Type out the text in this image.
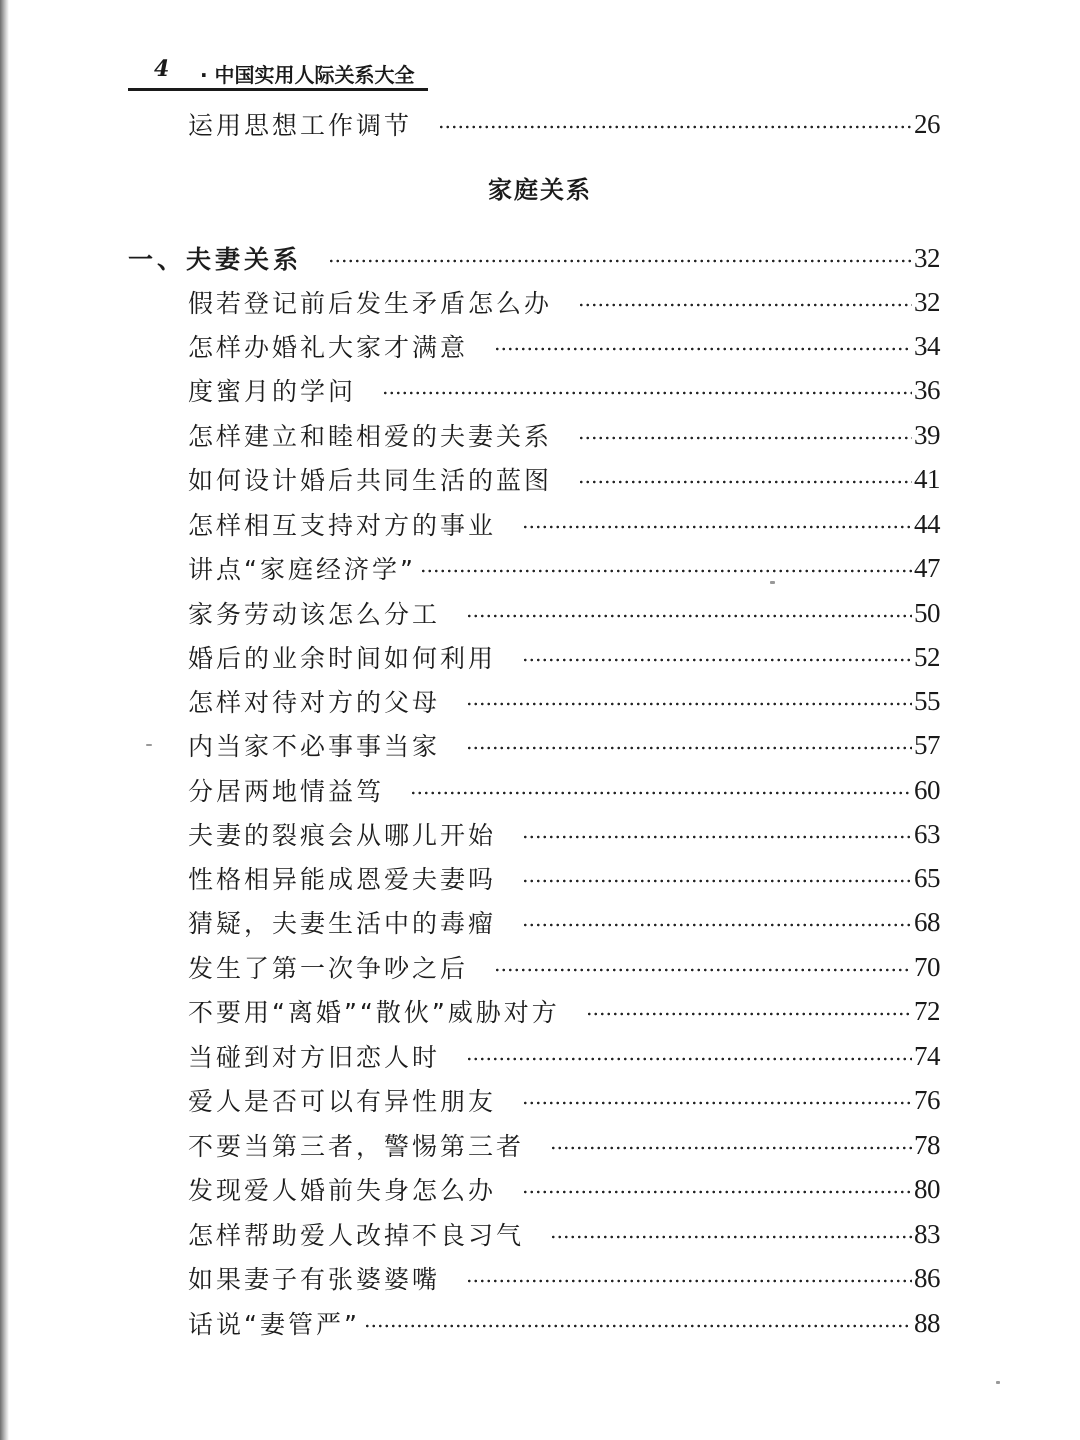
4 · 中国实用人际关系大全
运用思想工作调节	26
家庭关系
一、夫妻关系	32
假若登记前后发生矛盾怎么办	32
怎样办婚礼大家才满意	34
度蜜月的学问	36
怎样建立和睦相爱的夫妻关系	39
如何设计婚后共同生活的蓝图	41
怎样相互支持对方的事业	44
讲点“家庭经济学”	47
家务劳动该怎么分工	50
婚后的业余时间如何利用	52
怎样对待对方的父母	55
内当家不必事事当家	57
分居两地情益笃	60
夫妻的裂痕会从哪儿开始	63
性格相异能成恩爱夫妻吗	65
猜疑，夫妻生活中的毒瘤	68
发生了第一次争吵之后	70
不要用“离婚”“散伙”威胁对方	72
当碰到对方旧恋人时	74
爱人是否可以有异性朋友	76
不要当第三者，警惕第三者	78
发现爱人婚前失身怎么办	80
怎样帮助爱人改掉不良习气	83
如果妻子有张婆婆嘴	86
话说“妻管严”	88
